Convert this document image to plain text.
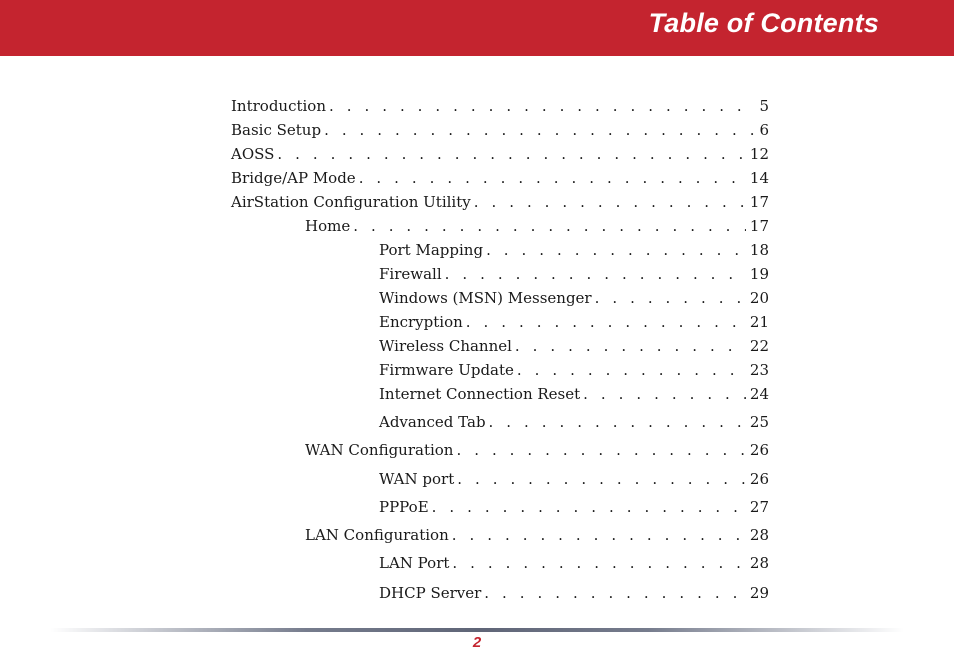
Table of Contents
Introduction . . .	5
Basic Setup . . .	6
AOSS . . .	12
Bridge/AP Mode . . .	14
AirStation Configuration Utility . . .	17
Home . . .	17
Port Mapping . . .	18
Firewall . . .	19
Windows (MSN) Messenger . . .	20
Encryption . . .	21
Wireless Channel . . .	22
Firmware Update . . .	23
Internet Connection Reset . . .	24
Advanced Tab . . .	25
WAN Configuration . . .	26
WAN port . . .	26
PPPoE . . .	27
LAN Configuration . . .	28
LAN Port . . .	28
DHCP Server . . .	29
2
